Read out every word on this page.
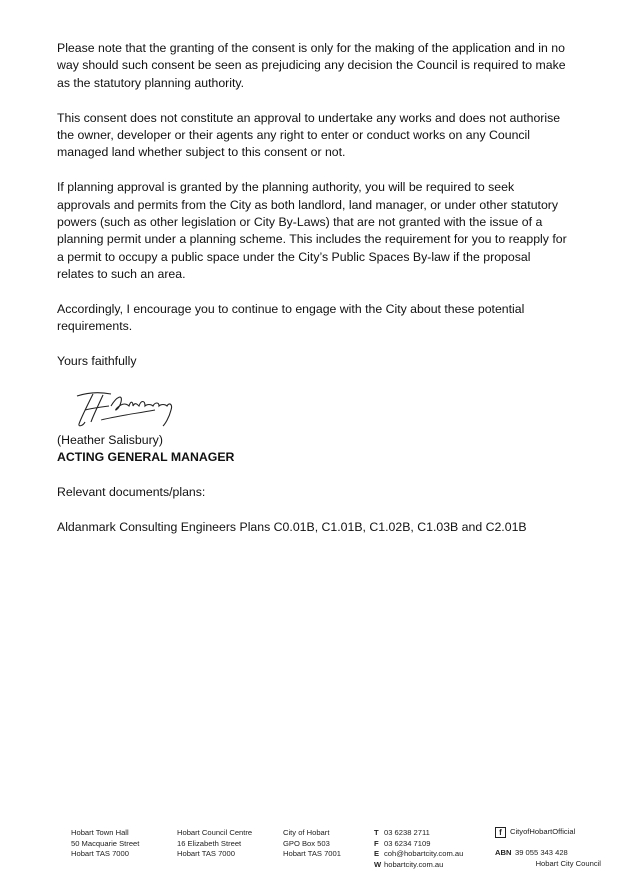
Please note that the granting of the consent is only for the making of the application and in no way should such consent be seen as prejudicing any decision the Council is required to make as the statutory planning authority.

This consent does not constitute an approval to undertake any works and does not authorise the owner, developer or their agents any right to enter or conduct works on any Council managed land whether subject to this consent or not.

If planning approval is granted by the planning authority, you will be required to seek approvals and permits from the City as both landlord, land manager, or under other statutory powers (such as other legislation or City By-Laws) that are not granted with the issue of a planning permit under a planning scheme. This includes the requirement for you to reapply for a permit to occupy a public space under the City’s Public Spaces By-law if the proposal relates to such an area.

Accordingly, I encourage you to continue to engage with the City about these potential requirements.

Yours faithfully

(Heather Salisbury)

ACTING GENERAL MANAGER

Relevant documents/plans:

Aldanmark Consulting Engineers Plans C0.01B, C1.01B, C1.02B, C1.03B and C2.01B

Hobart Town Hall
50 Macquarie Street
Hobart TAS 7000
Hobart Council Centre
16 Elizabeth Street
Hobart TAS 7000
City of Hobart
GPO Box 503
Hobart TAS 7001
T 03 6238 2711
F 03 6234 7109
E coh@hobartcity.com.au
W hobartcity.com.au
f CityofHobartOfficial
ABN 39 055 343 428
Hobart City Council
